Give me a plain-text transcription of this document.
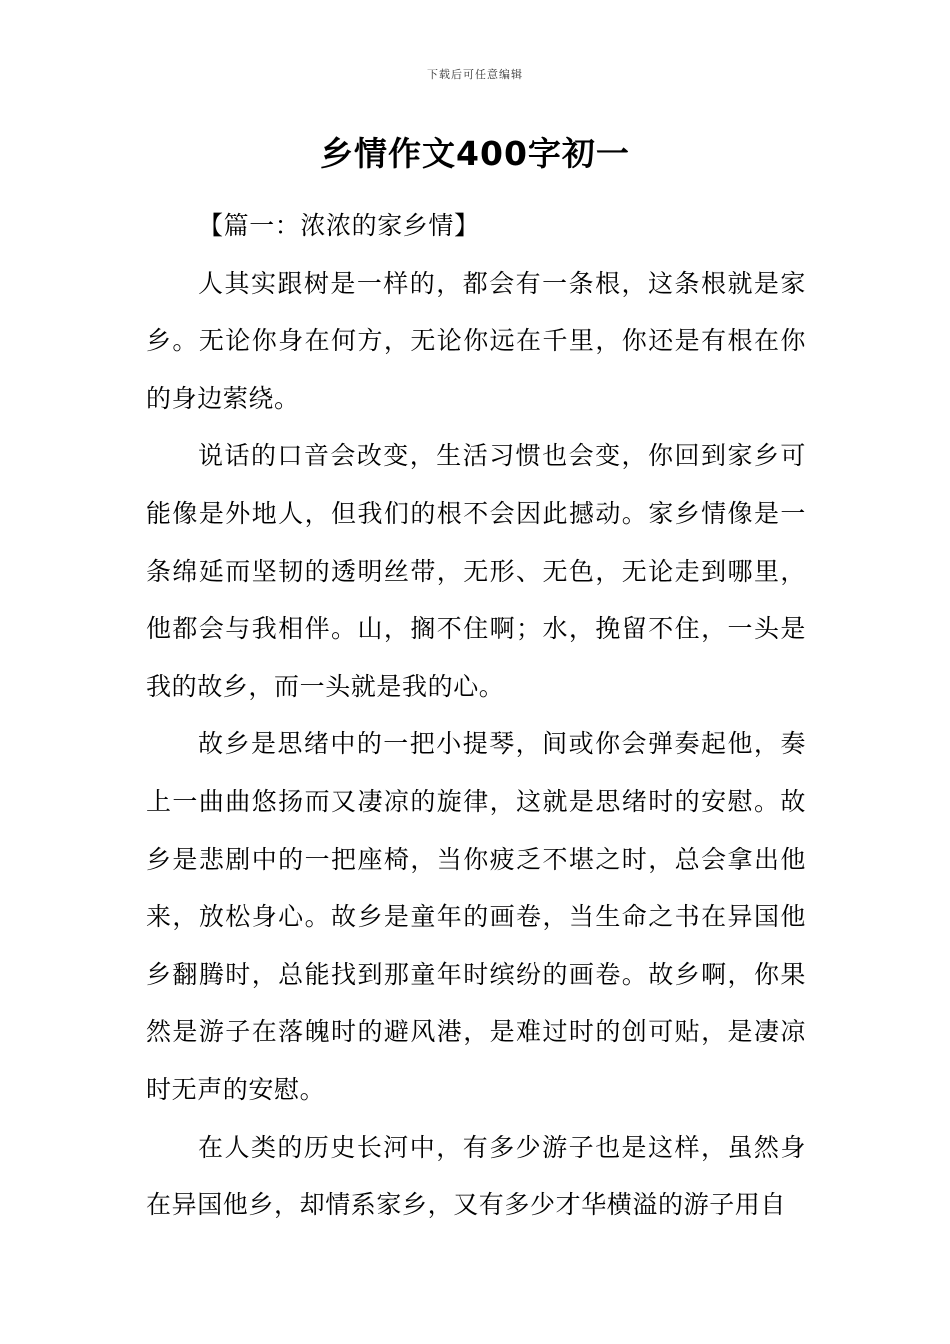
下载后可任意编辑
乡情作文400字初一

【篇一：浓浓的家乡情】

人其实跟树是一样的，都会有一条根，这条根就是家乡。无论你身在何方，无论你远在千里，你还是有根在你的身边萦绕。

说话的口音会改变，生活习惯也会变，你回到家乡可能像是外地人，但我们的根不会因此撼动。家乡情像是一条绵延而坚韧的透明丝带，无形、无色，无论走到哪里，他都会与我相伴。山，搁不住啊；水，挽留不住，一头是我的故乡，而一头就是我的心。

故乡是思绪中的一把小提琴，间或你会弹奏起他，奏上一曲曲悠扬而又凄凉的旋律，这就是思绪时的安慰。故乡是悲剧中的一把座椅，当你疲乏不堪之时，总会拿出他来，放松身心。故乡是童年的画卷，当生命之书在异国他乡翻腾时，总能找到那童年时缤纷的画卷。故乡啊，你果然是游子在落魄时的避风港，是难过时的创可贴，是凄凉时无声的安慰。

在人类的历史长河中，有多少游子也是这样，虽然身在异国他乡，却情系家乡，又有多少才华横溢的游子用自
